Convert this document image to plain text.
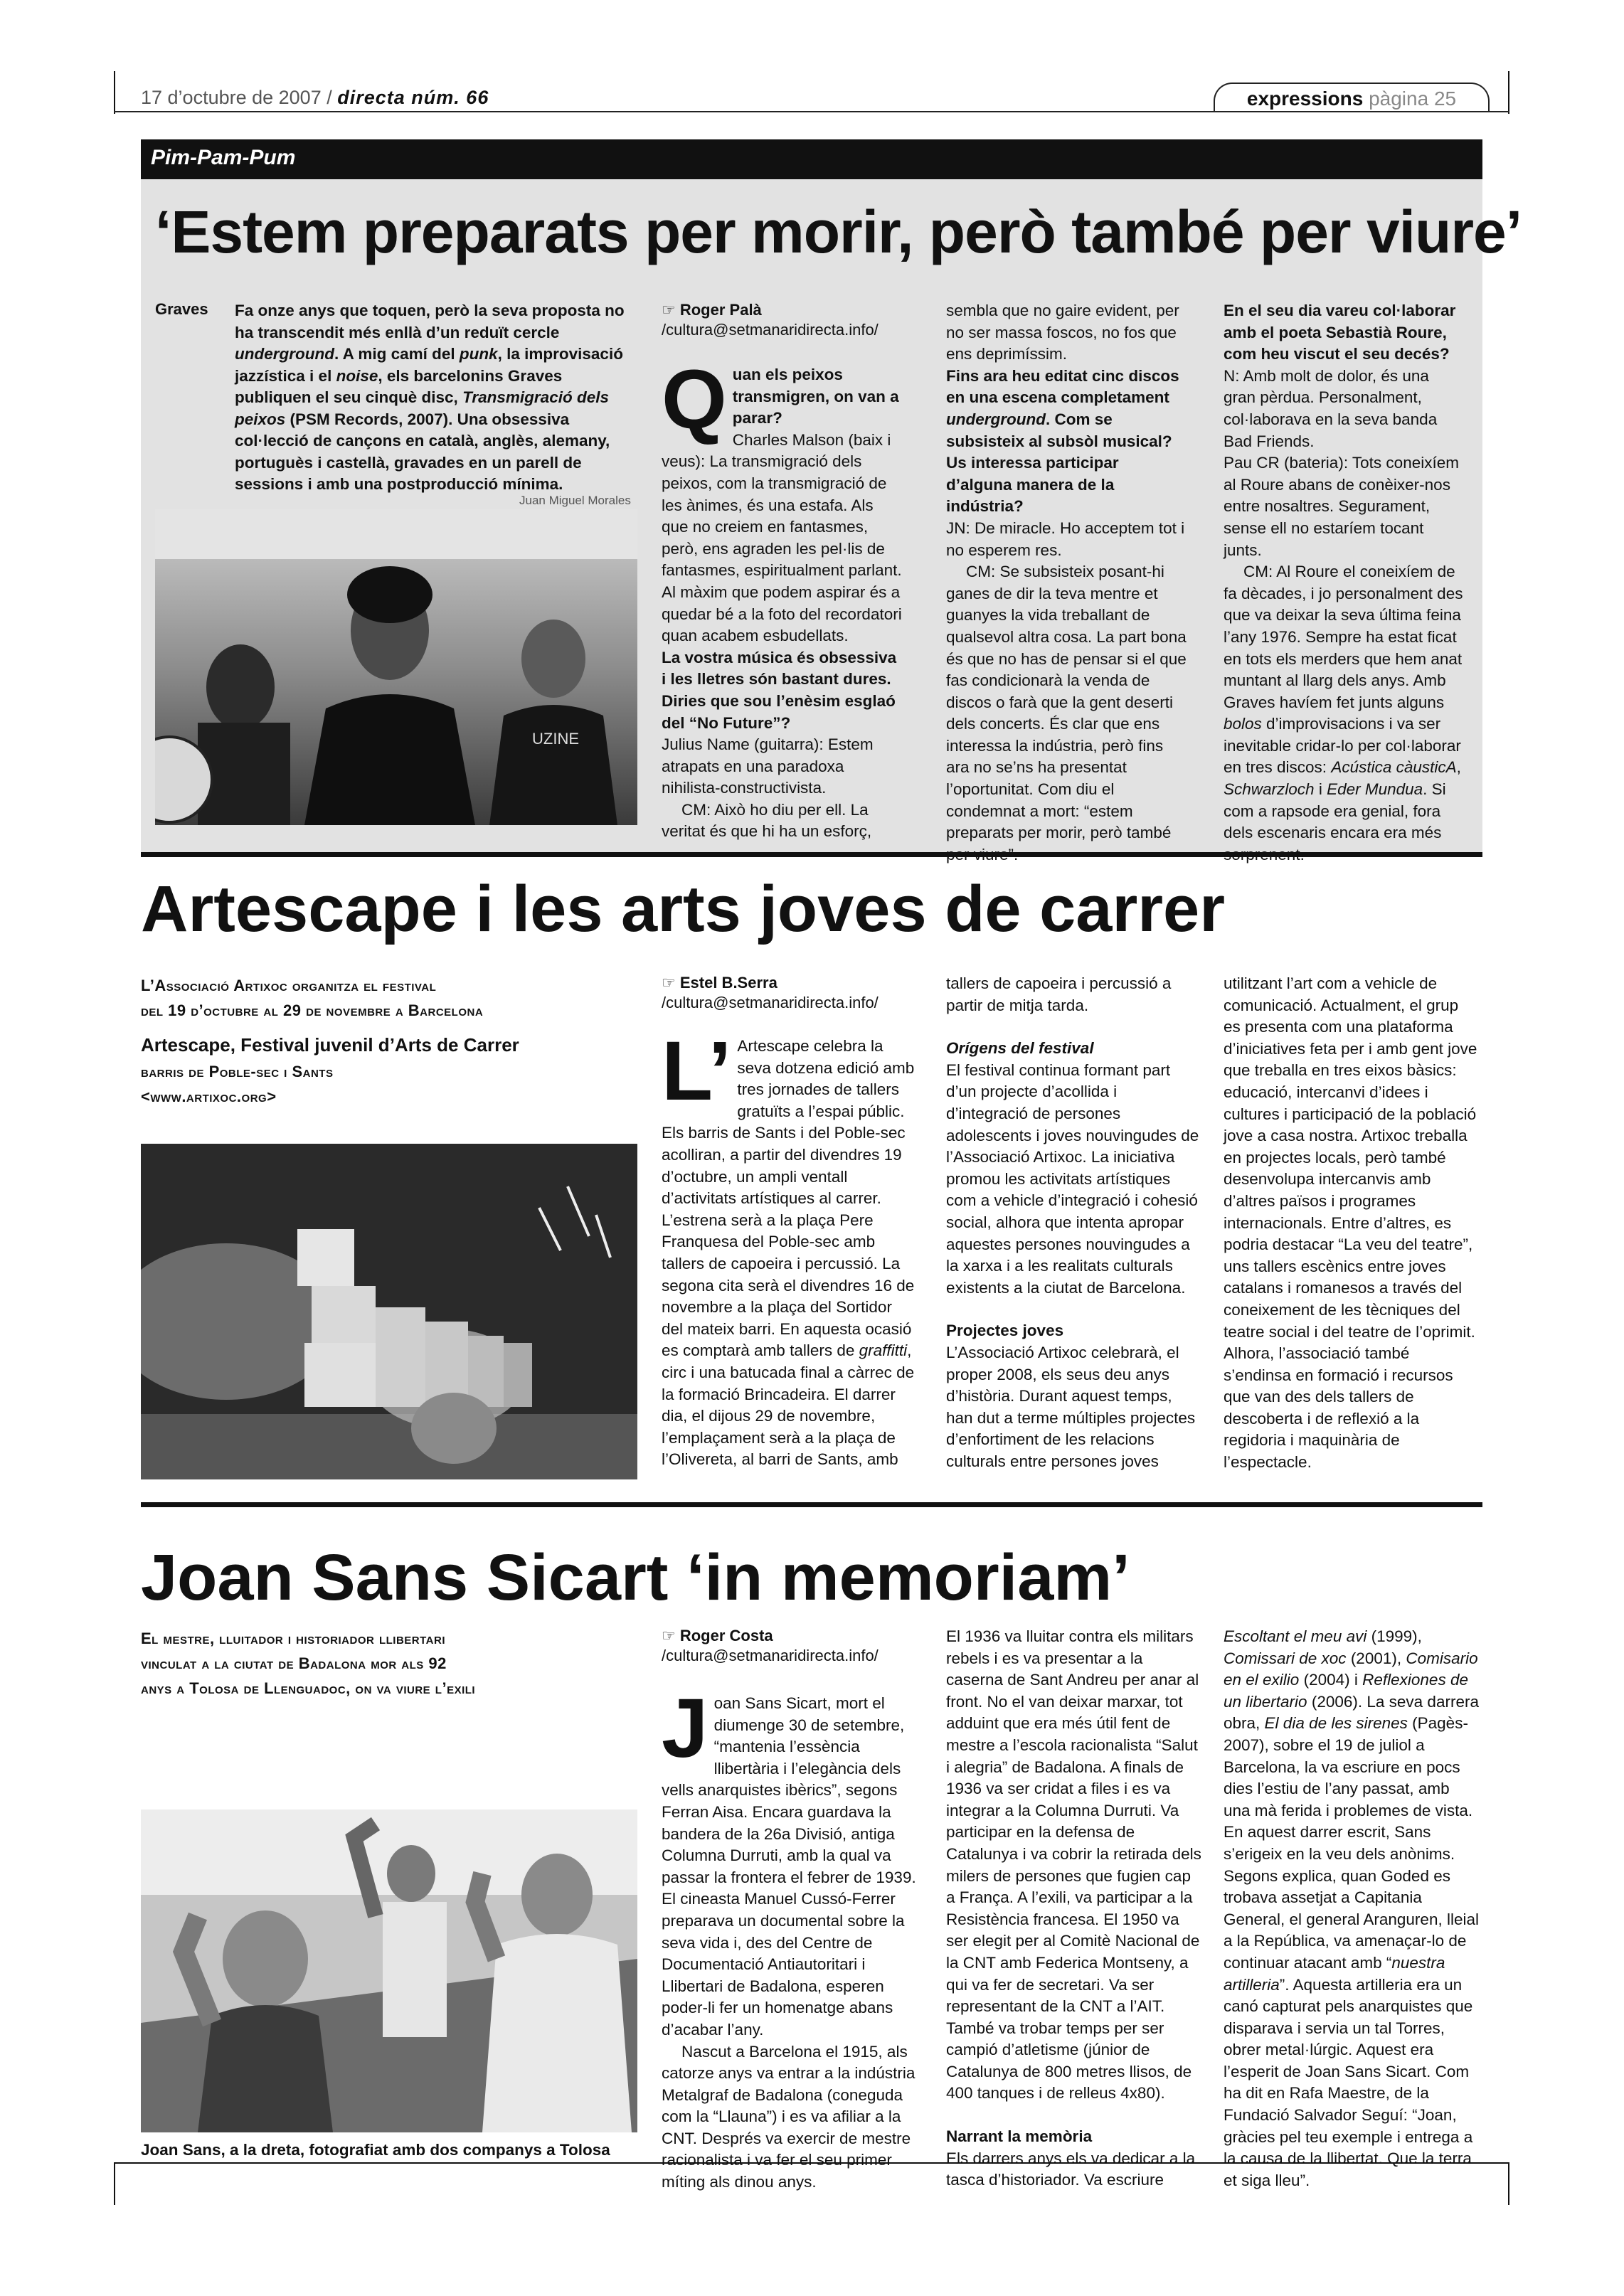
17 d’octubre de 2007 / directa núm. 66	expressions pàgina 25
Pim-Pam-Pum
‘Estem preparats per morir, però també per viure’
Graves Fa onze anys que toquen, però la seva proposta no ha transcendit més enllà d’un reduït cercle underground. A mig camí del punk, la improvisació jazzística i el noise, els barcelonins Graves publiquen el seu cinquè disc, Transmigració dels peixos (PSM Records, 2007). Una obsessiva col·lecció de cançons en català, anglès, alemany, portuguès i castellà, gravades en un parell de sessions i amb una postproducció mínima.
Juan Miguel Morales
UZINE
☞ Roger Palà
/cultura@setmanaridirecta.info/
Q uan els peixos transmigren, on van a parar?

Charles Malson (baix i veus): La transmigració dels peixos, com la transmigració de les ànimes, és una estafa. Als que no creiem en fantasmes, però, ens agraden les pel·lis de fantasmes, espiritualment parlant. Al màxim que podem aspirar és a quedar bé a la foto del recordatori quan acabem esbudellats.

La vostra música és obsessiva i les lletres són bastant dures. Diries que sou l’enèsim esglaó del “No Future”?

Julius Name (guitarra): Estem atrapats en una paradoxa nihilista-constructivista.

CM: Això ho diu per ell. La veritat és que hi ha un esforç,

sembla que no gaire evident, per no ser massa foscos, no fos que ens deprimíssim.

Fins ara heu editat cinc discos en una escena completament underground. Com se subsisteix al subsòl musical? Us interessa participar d’alguna manera de la indústria?

JN: De miracle. Ho acceptem tot i no esperem res.

CM: Se subsisteix posant-hi ganes de dir la teva mentre et guanyes la vida treballant de qualsevol altra cosa. La part bona és que no has de pensar si el que fas condicionarà la venda de discos o farà que la gent deserti dels concerts. És clar que ens interessa la indústria, però fins ara no se’ns ha presentat l’oportunitat. Com diu el condemnat a mort: “estem preparats per morir, però també

En el seu dia vareu col·laborar amb el poeta Sebastià Roure, com heu viscut el seu decés?

N: Amb molt de dolor, és una gran pèrdua. Personalment, col·laborava en la seva banda Bad Friends.

Pau CR (bateria): Tots coneixíem al Roure abans de conèixer-nos entre nosaltres. Segurament, sense ell no estaríem tocant junts.

CM: Al Roure el coneixíem de fa dècades, i jo personalment des que va deixar la seva última feina l’any 1976. Sempre ha estat ficat en tots els merders que hem anat muntant al llarg dels anys. Amb Graves havíem fet junts alguns bolos d’improvisacions i va ser inevitable cridar-lo per col·laborar en tres discos: Acústica càusticA, Schwarzloch i Eder Mundua. Si com a rapsode era genial, fora dels escenaris encara era més

Artescape i les arts joves de carrer
L’Associació Artixoc organitza el festival
del 19 d’octubre al 29 de novembre a Barcelona
Artescape, Festival juvenil d’Arts de Carrer
barris de Poble-sec i Sants
<www.artixoc.org>
☞ Estel B.Serra
/cultura@setmanaridirecta.info/
L’ Artescape celebra la seva dotzena edició amb tres jornades de tallers gratuïts a l’espai públic. Els barris de Sants i del Poble-sec acolliran, a partir del divendres 19 d’octubre, un ampli ventall d’activitats artístiques al carrer. L’estrena serà a la plaça Pere Franquesa del Poble-sec amb tallers de capoeira i percussió. La segona cita serà el divendres 16 de novembre a la plaça del Sortidor del mateix barri. En aquesta ocasió es comptarà amb tallers de graffitti, circ i una batucada final a càrrec de la formació Brincadeira. El darrer dia, el dijous 29 de novembre, l’emplaçament serà a la plaça de l’Olivereta, al barri de Sants, amb

tallers de capoeira i percussió a partir de mitja tarda.

Orígens del festival

El festival continua formant part d’un projecte d’acollida i d’integració de persones adolescents i joves nouvingudes de l’Associació Artixoc. La iniciativa promou les activitats artístiques com a vehicle d’integració i cohesió social, alhora que intenta apropar aquestes persones nouvingudes a la xarxa i a les realitats culturals existents a la ciutat de Barcelona.

Projectes joves

L’Associació Artixoc celebrarà, el proper 2008, els seus deu anys d’història. Durant aquest temps, han dut a terme múltiples projectes d’enfortiment de les relacions culturals entre persones joves

utilitzant l’art com a vehicle de comunicació. Actualment, el grup es presenta com una plataforma d’iniciatives feta per i amb gent jove que treballa en tres eixos bàsics: educació, intercanvi d’idees i cultures i participació de la població jove a casa nostra. Artixoc treballa en projectes locals, però també desenvolupa intercanvis amb d’altres països i programes internacionals. Entre d’altres, es podria destacar “La veu del teatre”, uns tallers escènics entre joves catalans i romanesos a través del coneixement de les tècniques del teatre social i del teatre de l’oprimit. Alhora, l’associació també s’endinsa en formació i recursos que van des dels tallers de descoberta i de reflexió a la regidoria i maquinària de l’espectacle.

Joan Sans Sicart ‘in memoriam’
El mestre, lluitador i historiador llibertari
vinculat a la ciutat de Badalona mor als 92
anys a Tolosa de Llenguadoc, on va viure l’exili
Joan Sans, a la dreta, fotografiat amb dos companys a Tolosa
☞ Roger Costa
/cultura@setmanaridirecta.info/
J oan Sans Sicart, mort el diumenge 30 de setembre, “mantenia l’essència llibertària i l’elegància dels vells anarquistes ibèrics”, segons Ferran Aisa. Encara guardava la bandera de la 26a Divisió, antiga Columna Durruti, amb la qual va passar la frontera el febrer de 1939. El cineasta Manuel Cussó-Ferrer preparava un documental sobre la seva vida i, des del Centre de Documentació Antiautoritari i Llibertari de Badalona, esperen poder-li fer un homenatge abans d’acabar l’any.

Nascut a Barcelona el 1915, als catorze anys va entrar a la indústria Metalgraf de Badalona (coneguda com la “Llauna”) i es va afiliar a la CNT. Després va exercir de mestre racionalista i va fer el seu primer míting als dinou anys.

El 1936 va lluitar contra els militars rebels i es va presentar a la caserna de Sant Andreu per anar al front. No el van deixar marxar, tot adduint que era més útil fent de mestre a l’escola racionalista “Salut i alegria” de Badalona. A finals de 1936 va ser cridat a files i es va integrar a la Columna Durruti. Va participar en la defensa de Catalunya i va cobrir la retirada dels milers de persones que fugien cap a França. A l’exili, va participar a la Resistència francesa. El 1950 va ser elegit per al Comitè Nacional de la CNT amb Federica Montseny, a qui va fer de secretari. Va ser representant de la CNT a l’AIT. També va trobar temps per ser campió d’atletisme (júnior de Catalunya de 800 metres llisos, de 400 tanques i de relleus 4x80).

Narrant la memòria

Els darrers anys els va dedicar a la tasca d’historiador. Va escriure

Escoltant el meu avi (1999), Comissari de xoc (2001), Comisario en el exilio (2004) i Reflexiones de un libertario (2006). La seva darrera obra, El dia de les sirenes (Pagès-2007), sobre el 19 de juliol a Barcelona, la va escriure en pocs dies l’estiu de l’any passat, amb una mà ferida i problemes de vista. En aquest darrer escrit, Sans s’erigeix en la veu dels anònims. Segons explica, quan Goded es trobava assetjat a Capitania General, el general Aranguren, lleial a la República, va amenaçar-lo de continuar atacant amb “nuestra artilleria”. Aquesta artilleria era un canó capturat pels anarquistes que disparava i servia un tal Torres, obrer metal·lúrgic. Aquest era l’esperit de Joan Sans Sicart. Com ha dit en Rafa Maestre, de la Fundació Salvador Seguí: “Joan, gràcies pel teu exemple i entrega a la causa de la llibertat. Que la terra et siga lleu”.
